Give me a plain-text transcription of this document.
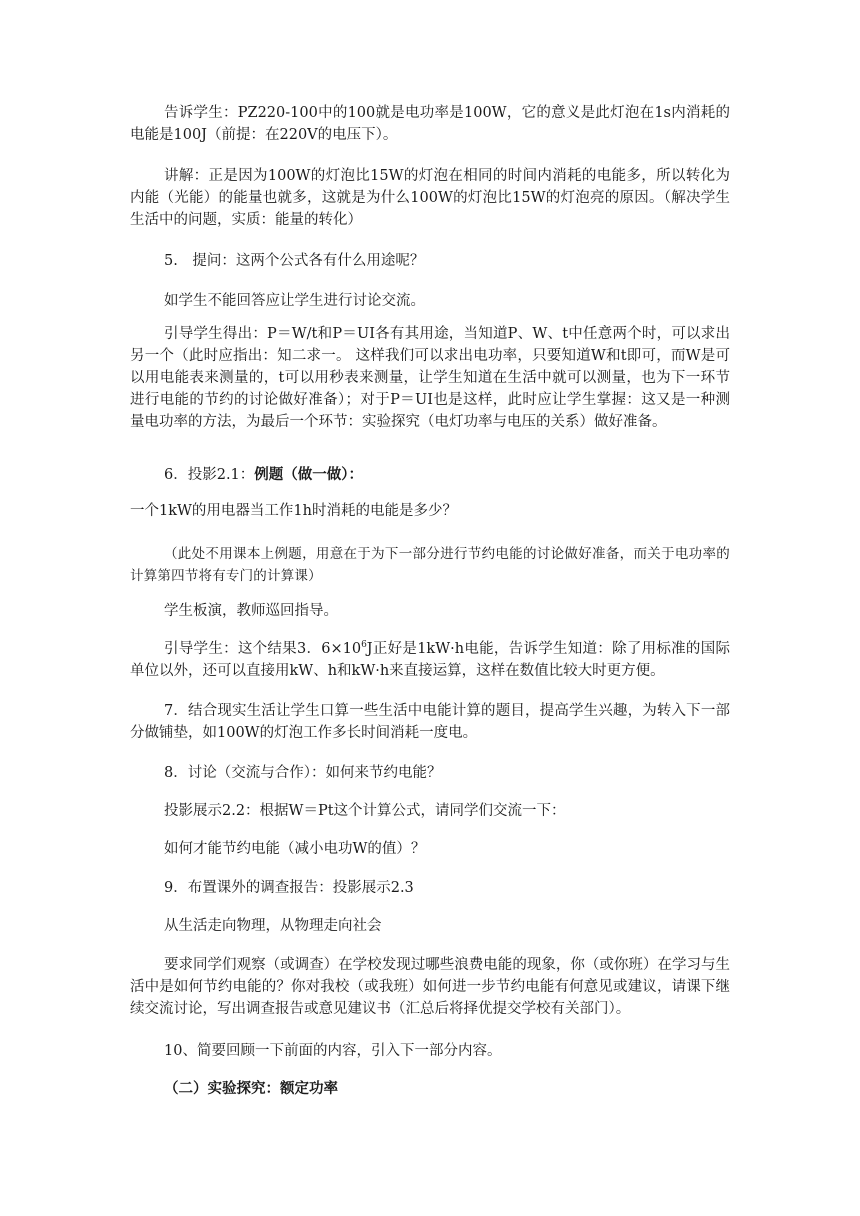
告诉学生：PZ220-100中的100就是电功率是100W，它的意义是此灯泡在1s内消耗的电能是100J（前提：在220V的电压下）。

讲解：正是因为100W的灯泡比15W的灯泡在相同的时间内消耗的电能多，所以转化为内能（光能）的能量也就多，这就是为什么100W的灯泡比15W的灯泡亮的原因。（解决学生生活中的问题，实质：能量的转化）

5.　提问：这两个公式各有什么用途呢？

如学生不能回答应让学生进行讨论交流。

引导学生得出：P＝W/t和P＝UI各有其用途，当知道P、W、t中任意两个时，可以求出另一个（此时应指出：知二求一。 这样我们可以求出电功率，只要知道W和t即可，而W是可以用电能表来测量的，t可以用秒表来测量，让学生知道在生活中就可以测量，也为下一环节进行电能的节约的讨论做好准备）；对于P＝UI也是这样，此时应让学生掌握：这又是一种测量电功率的方法，为最后一个环节：实验探究（电灯功率与电压的关系）做好准备。

6．投影2.1：例题（做一做）：

一个1kW的用电器当工作1h时消耗的电能是多少？

（此处不用课本上例题，用意在于为下一部分进行节约电能的讨论做好准备，而关于电功率的计算第四节将有专门的计算课）

学生板演，教师巡回指导。

引导学生：这个结果3．$6\times 10^6J$正好是1kW·h电能，告诉学生知道：除了用标准的国际单位以外，还可以直接用kW、h和kW·h来直接运算，这样在数值比较大时更方便。

7．结合现实生活让学生口算一些生活中电能计算的题目，提高学生兴趣，为转入下一部分做铺垫，如100W的灯泡工作多长时间消耗一度电。

8．讨论（交流与合作）：如何来节约电能？

投影展示2.2：根据W＝Pt这个计算公式，请同学们交流一下：

如何才能节约电能（减小电功W的值）？

9．布置课外的调查报告：投影展示2.3

从生活走向物理，从物理走向社会

要求同学们观察（或调查）在学校发现过哪些浪费电能的现象，你（或你班）在学习与生活中是如何节约电能的？你对我校（或我班）如何进一步节约电能有何意见或建议，请课下继续交流讨论，写出调查报告或意见建议书（汇总后将择优提交学校有关部门）。

10、简要回顾一下前面的内容，引入下一部分内容。

（二）实验探究：额定功率
